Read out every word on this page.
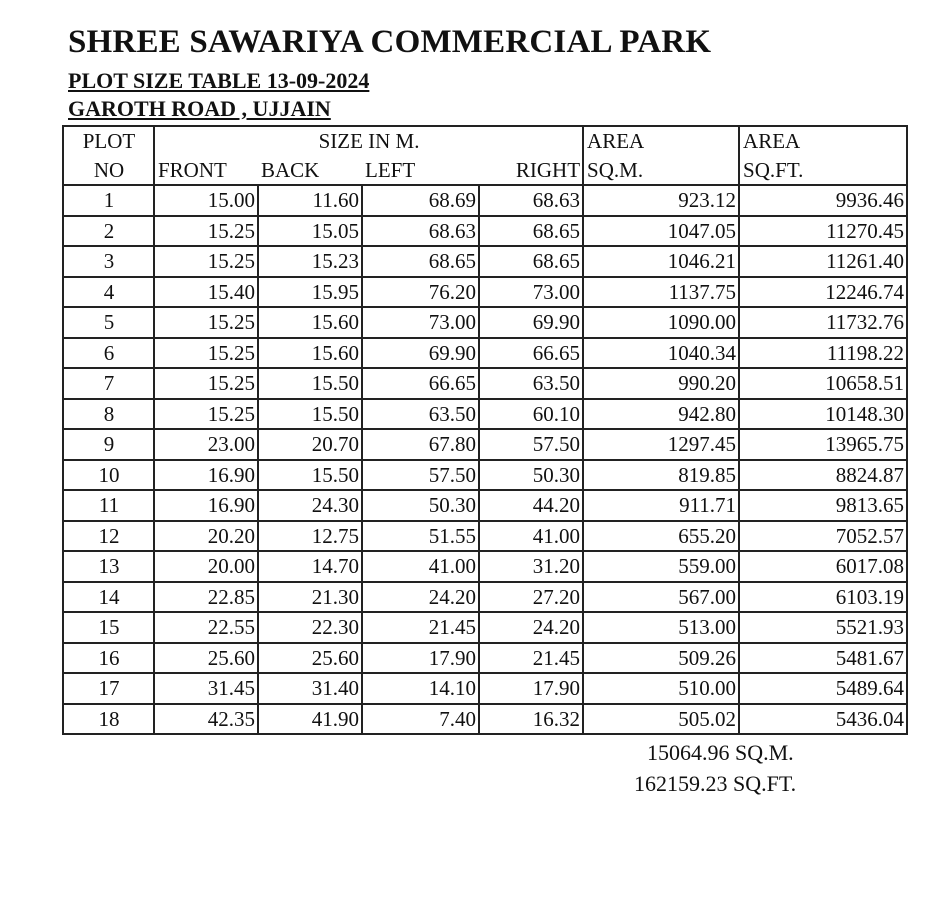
SHREE SAWARIYA COMMERCIAL PARK
PLOT SIZE TABLE 13-09-2024
GAROTH ROAD , UJJAIN
PLOT	SIZE IN M.				AREA	AREA
NO	FRONT	BACK	LEFT	RIGHT	SQ.M.	SQ.FT.
1	15.00	11.60	68.69	68.63	923.12	9936.46
2	15.25	15.05	68.63	68.65	1047.05	11270.45
3	15.25	15.23	68.65	68.65	1046.21	11261.40
4	15.40	15.95	76.20	73.00	1137.75	12246.74
5	15.25	15.60	73.00	69.90	1090.00	11732.76
6	15.25	15.60	69.90	66.65	1040.34	11198.22
7	15.25	15.50	66.65	63.50	990.20	10658.51
8	15.25	15.50	63.50	60.10	942.80	10148.30
9	23.00	20.70	67.80	57.50	1297.45	13965.75
10	16.90	15.50	57.50	50.30	819.85	8824.87
11	16.90	24.30	50.30	44.20	911.71	9813.65
12	20.20	12.75	51.55	41.00	655.20	7052.57
13	20.00	14.70	41.00	31.20	559.00	6017.08
14	22.85	21.30	24.20	27.20	567.00	6103.19
15	22.55	22.30	21.45	24.20	513.00	5521.93
16	25.60	25.60	17.90	21.45	509.26	5481.67
17	31.45	31.40	14.10	17.90	510.00	5489.64
18	42.35	41.90	7.40	16.32	505.02	5436.04
15064.96 SQ.M.
162159.23 SQ.FT.
